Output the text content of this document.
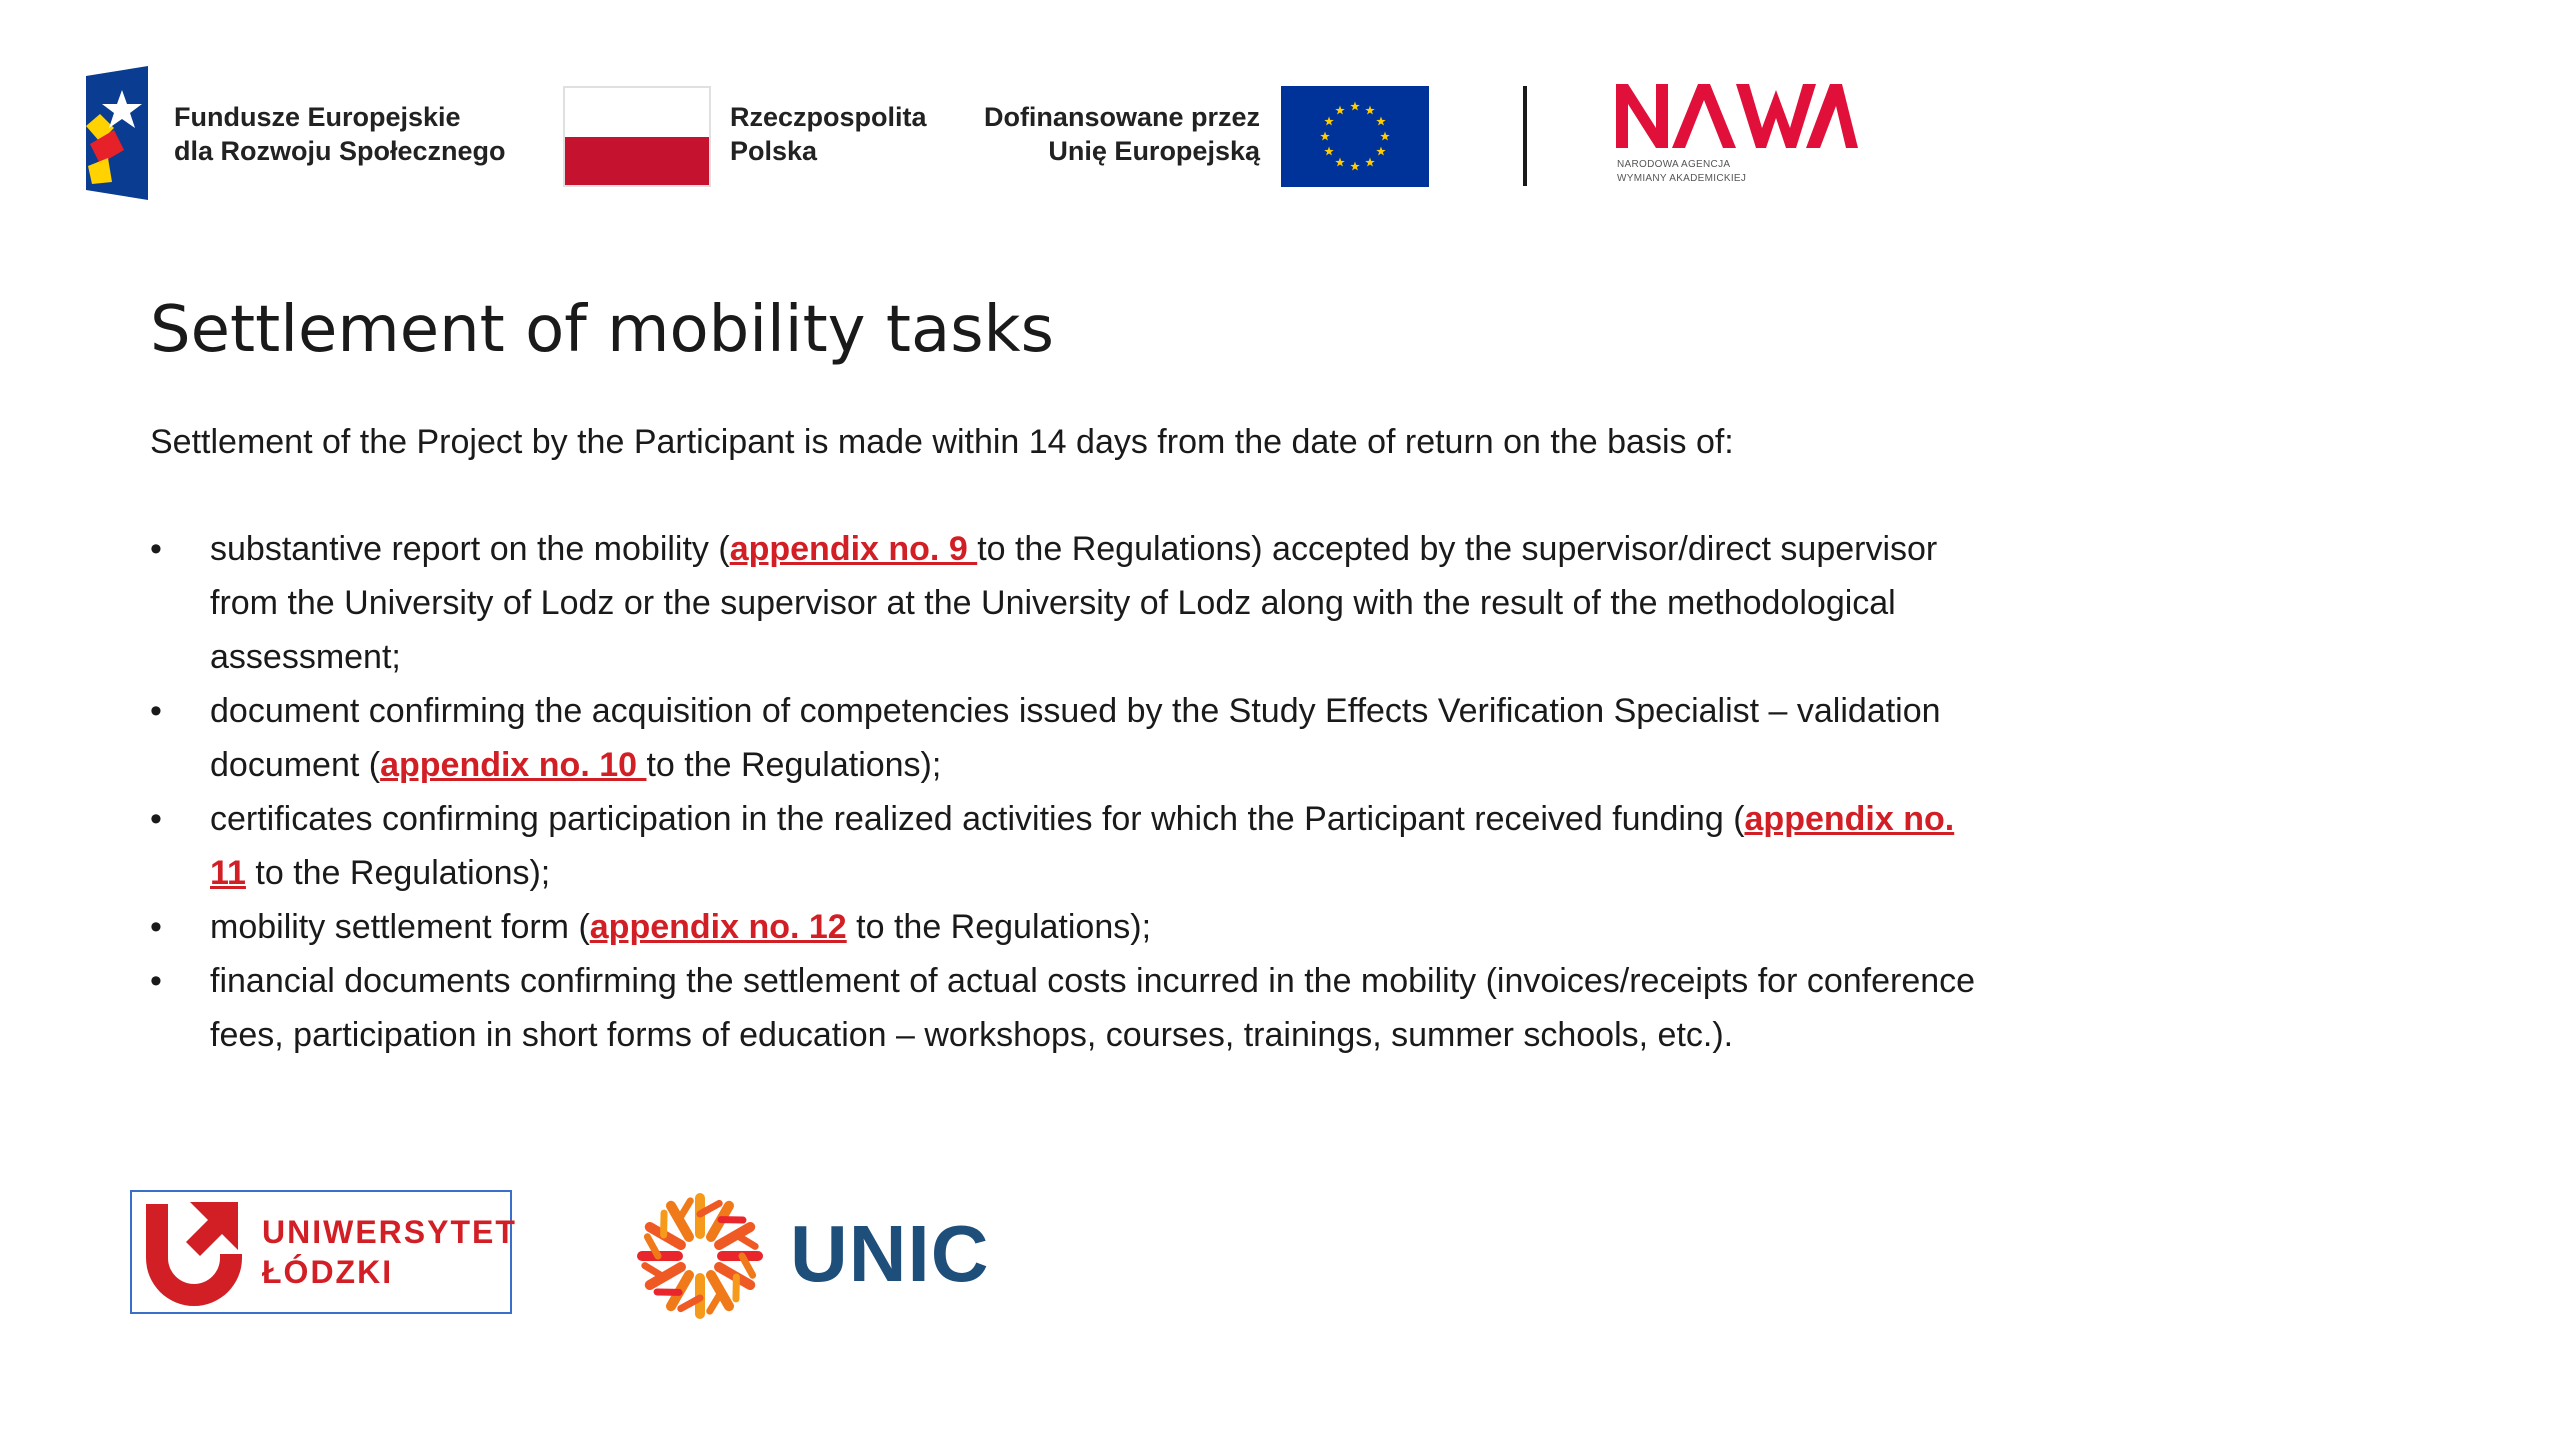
Fundusze Europejskie
dla Rozwoju Społecznego
Rzeczpospolita
Polska
Dofinansowane przez
Unię Europejską	NARODOWA AGENCJA
WYMIANY AKADEMICKIEJ
Settlement of mobility tasks

Settlement of the Project by the Participant is made within 14 days from the date of return on the basis of:

•	substantive report on the mobility (appendix no. 9 to the Regulations) accepted by the supervisor/direct supervisor from the University of Lodz or the supervisor at the University of Lodz along with the result of the methodological assessment;
•	document confirming the acquisition of competencies issued by the Study Effects Verification Specialist – validation document (appendix no. 10 to the Regulations);
•	certificates confirming participation in the realized activities for which the Participant received funding (appendix no. 11 to the Regulations);
•	mobility settlement form (appendix no. 12 to the Regulations);
•	financial documents confirming the settlement of actual costs incurred in the mobility (invoices/receipts for conference fees, participation in short forms of education – workshops, courses, trainings, summer schools, etc.).
UNIWERSYTET
ŁÓDZKI	UNIC
